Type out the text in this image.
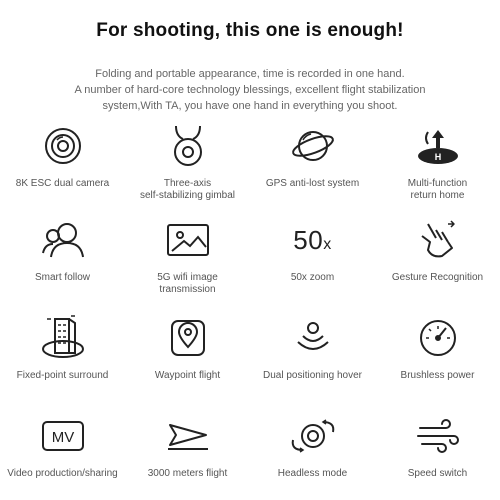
For shooting, this one is enough!
Folding and portable appearance, time is recorded in one hand.
A number of hard-core technology blessings, excellent flight stabilization
system,With TA, you have one hand in everything you shoot.
8K ESC dual camera	Three-axis
self-stabilizing gimbal
GPS anti-lost system
H
Multi-function
return home
Smart follow	5G wifi image
transmission
50x
50x zoom	Gesture Recognition
Fixed-point surround	Waypoint flight	Dual positioning hover	Brushless power
MV
Video production/sharing	3000 meters flight	Headless mode	Speed switch
